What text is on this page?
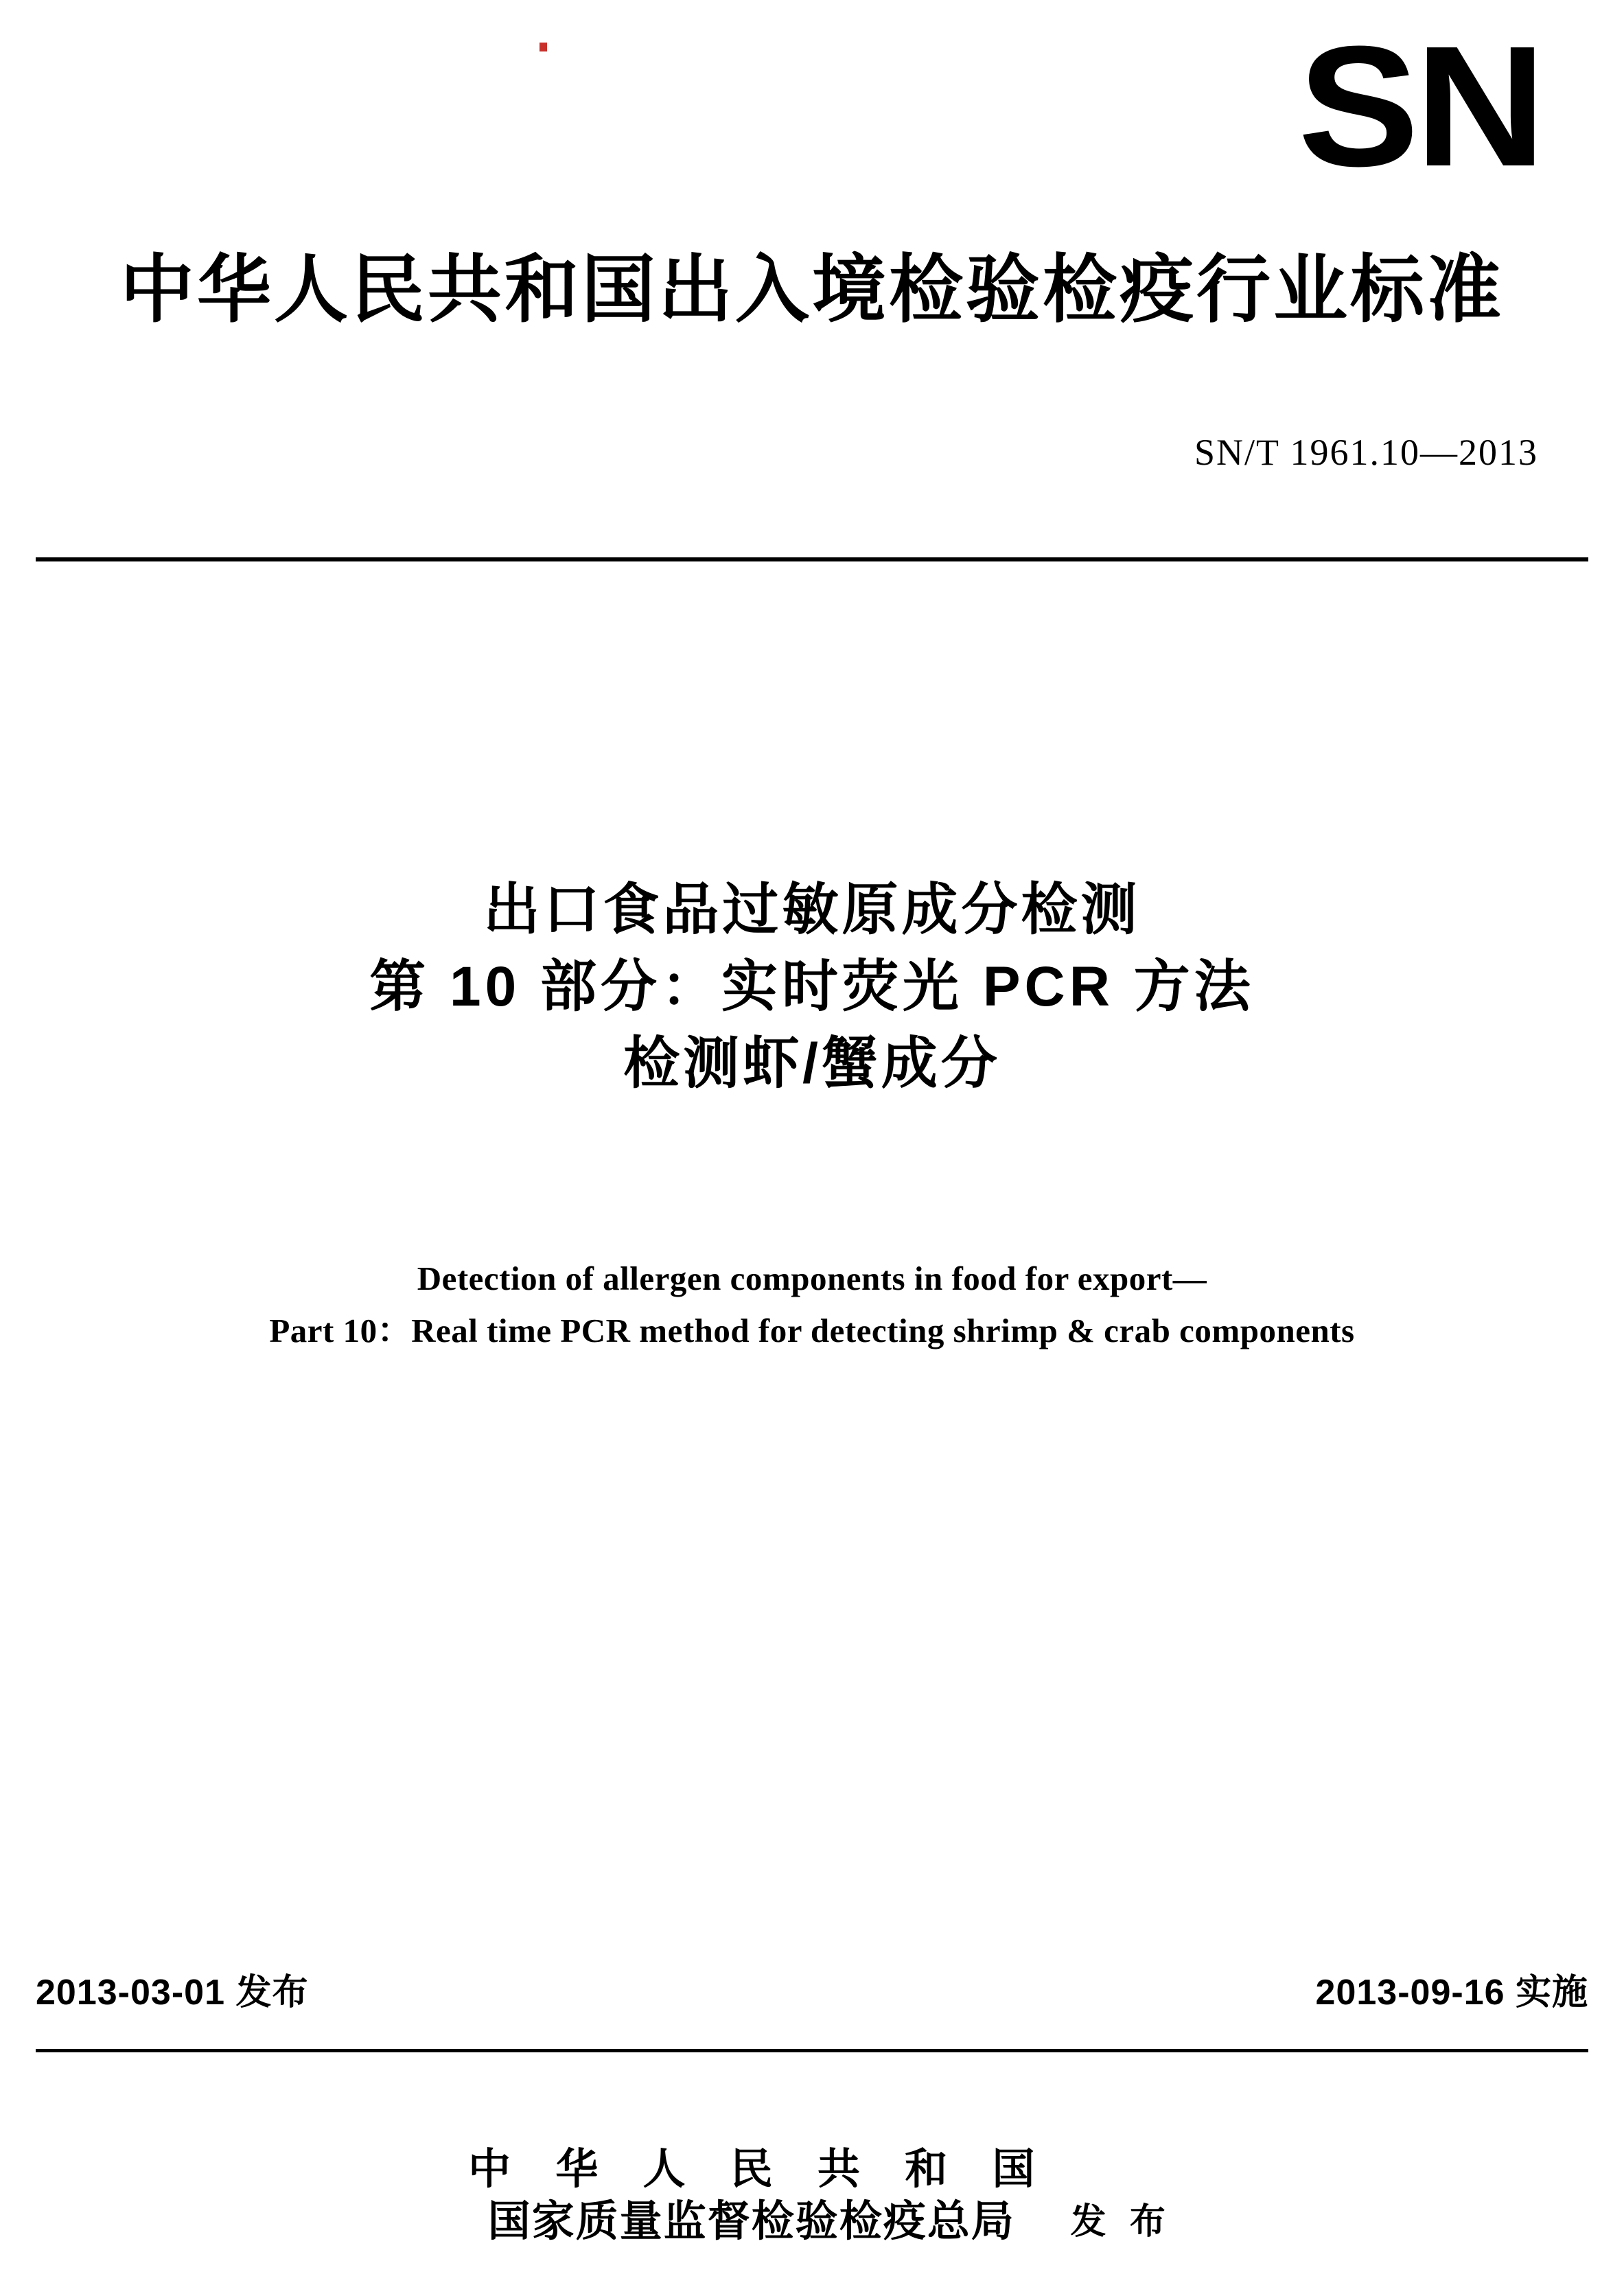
SN
中华人民共和国出入境检验检疫行业标准
SN/T 1961.10—2013
出口食品过敏原成分检测
第 10 部分：实时荧光 PCR 方法
检测虾/蟹成分
Detection of allergen components in food for export—
Part 10：Real time PCR method for detecting shrimp & crab components
2013-03-01 发布	2013-09-16 实施
中 华 人 民 共 和 国
国家质量监督检验检疫总局	发 布
